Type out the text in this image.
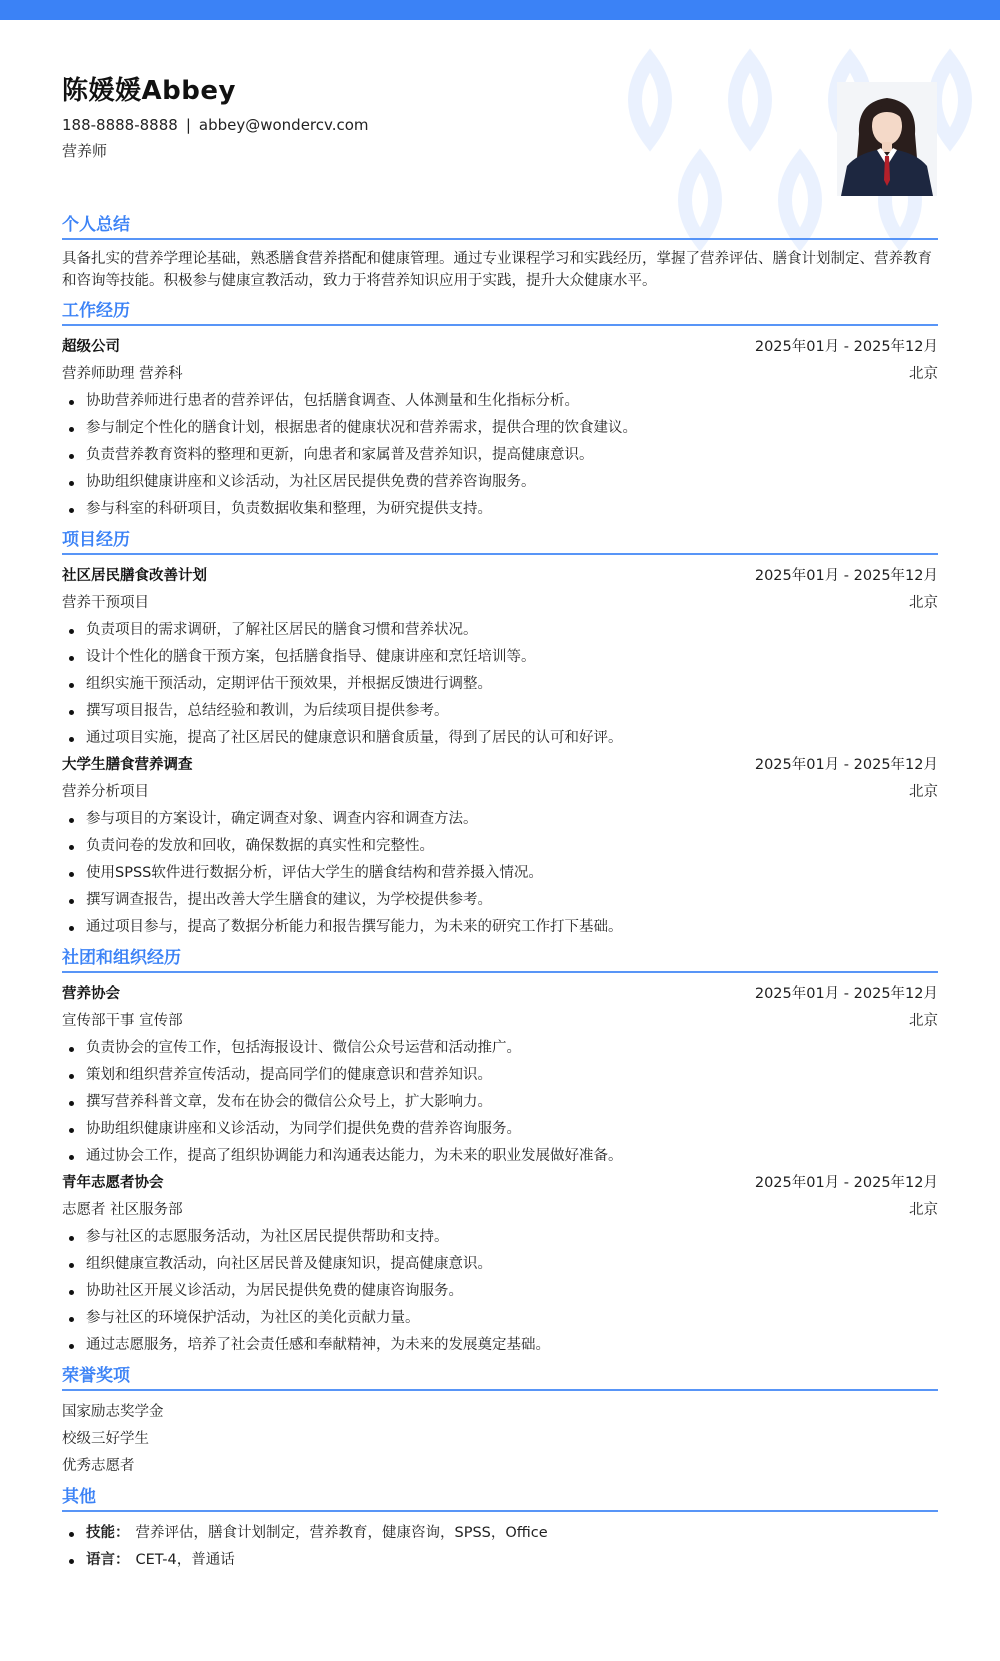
陈媛媛Abbey
188-8888-8888 | abbey@wondercv.com
营养师
个人总结

具备扎实的营养学理论基础，熟悉膳食营养搭配和健康管理。通过专业课程学习和实践经历，掌握了营养评估、膳食计划制定、营养教育和咨询等技能。积极参与健康宣教活动，致力于将营养知识应用于实践，提升大众健康水平。

工作经历
超级公司	2025年01月 - 2025年12月
营养师助理 营养科	北京
协助营养师进行患者的营养评估，包括膳食调查、人体测量和生化指标分析。
参与制定个性化的膳食计划，根据患者的健康状况和营养需求，提供合理的饮食建议。
负责营养教育资料的整理和更新，向患者和家属普及营养知识，提高健康意识。
协助组织健康讲座和义诊活动，为社区居民提供免费的营养咨询服务。
参与科室的科研项目，负责数据收集和整理，为研究提供支持。
项目经历
社区居民膳食改善计划	2025年01月 - 2025年12月
营养干预项目	北京
负责项目的需求调研，了解社区居民的膳食习惯和营养状况。
设计个性化的膳食干预方案，包括膳食指导、健康讲座和烹饪培训等。
组织实施干预活动，定期评估干预效果，并根据反馈进行调整。
撰写项目报告，总结经验和教训，为后续项目提供参考。
通过项目实施，提高了社区居民的健康意识和膳食质量，得到了居民的认可和好评。
大学生膳食营养调查	2025年01月 - 2025年12月
营养分析项目	北京
参与项目的方案设计，确定调查对象、调查内容和调查方法。
负责问卷的发放和回收，确保数据的真实性和完整性。
使用SPSS软件进行数据分析，评估大学生的膳食结构和营养摄入情况。
撰写调查报告，提出改善大学生膳食的建议，为学校提供参考。
通过项目参与，提高了数据分析能力和报告撰写能力，为未来的研究工作打下基础。
社团和组织经历
营养协会	2025年01月 - 2025年12月
宣传部干事 宣传部	北京
负责协会的宣传工作，包括海报设计、微信公众号运营和活动推广。
策划和组织营养宣传活动，提高同学们的健康意识和营养知识。
撰写营养科普文章，发布在协会的微信公众号上，扩大影响力。
协助组织健康讲座和义诊活动，为同学们提供免费的营养咨询服务。
通过协会工作，提高了组织协调能力和沟通表达能力，为未来的职业发展做好准备。
青年志愿者协会	2025年01月 - 2025年12月
志愿者 社区服务部	北京
参与社区的志愿服务活动，为社区居民提供帮助和支持。
组织健康宣教活动，向社区居民普及健康知识，提高健康意识。
协助社区开展义诊活动，为居民提供免费的健康咨询服务。
参与社区的环境保护活动，为社区的美化贡献力量。
通过志愿服务，培养了社会责任感和奉献精神，为未来的发展奠定基础。
荣誉奖项
国家励志奖学金
校级三好学生
优秀志愿者
其他
技能： 营养评估，膳食计划制定，营养教育，健康咨询，SPSS，Office
语言： CET-4，普通话
